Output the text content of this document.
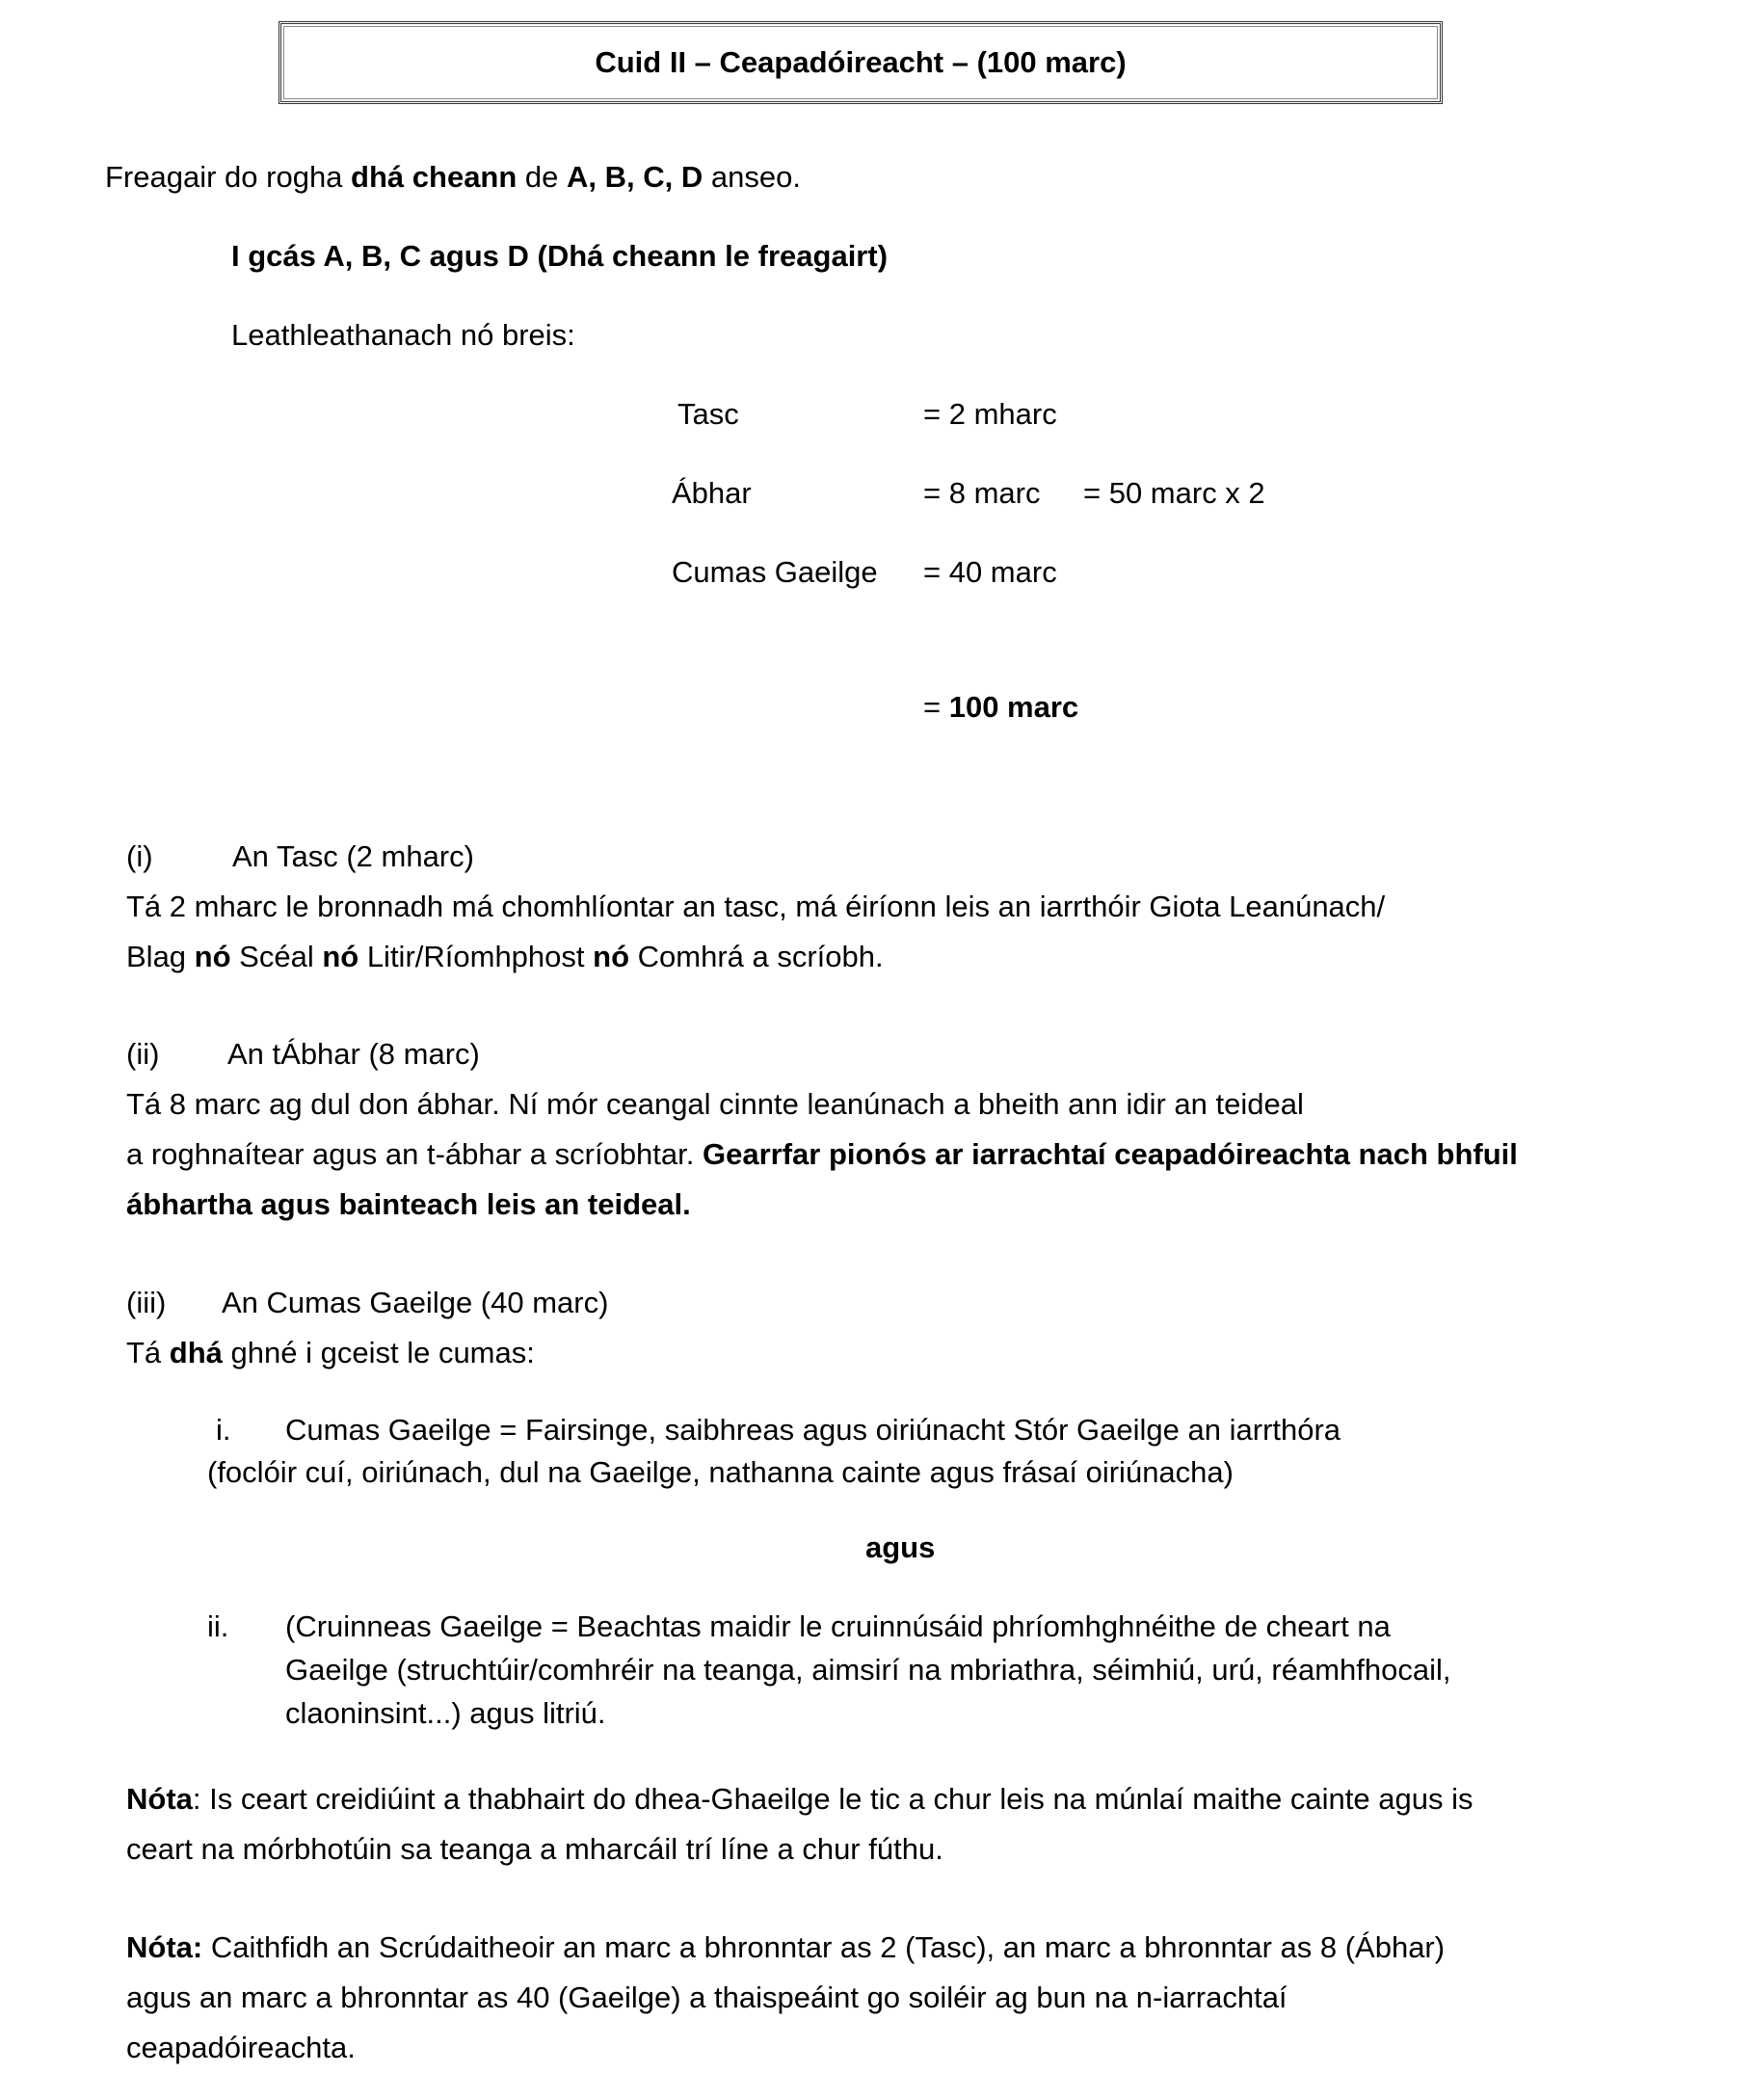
Cuid II – Ceapadóireacht – (100 marc)
Freagair do rogha dhá cheann de A, B, C, D anseo.
I gcás A, B, C agus D (Dhá cheann le freagairt)
Leathleathanach nó breis:
Tasc	= 2 mharc
Ábhar	= 8 marc = 50 marc x 2
Cumas Gaeilge = 40 marc
= 100 marc
(i)	An Tasc (2 mharc)
Tá 2 mharc le bronnadh má chomhlíontar an tasc, má éiríonn leis an iarrthóir Giota Leanúnach/
Blag nó Scéal nó Litir/Ríomhphost nó Comhrá a scríobh.
(ii) An tÁbhar (8 marc)
Tá 8 marc ag dul don ábhar. Ní mór ceangal cinnte leanúnach a bheith ann idir an teideal
a roghnaítear agus an t-ábhar a scríobhtar. Gearrfar pionós ar iarrachtaí ceapadóireachta nach bhfuil
ábhartha agus bainteach leis an teideal.
(iii) An Cumas Gaeilge (40 marc)
Tá dhá ghné i gceist le cumas:
i. Cumas Gaeilge = Fairsinge, saibhreas agus oiriúnacht Stór Gaeilge an iarrthóra
(foclóir cuí, oiriúnach, dul na Gaeilge, nathanna cainte agus frásaí oiriúnacha)
agus
ii. (Cruinneas Gaeilge = Beachtas maidir le cruinnúsáid phríomhghnéithe de cheart na
Gaeilge (struchtúir/comhréir na teanga, aimsirí na mbriathra, séimhiú, urú, réamhfhocail,
claoninsint...) agus litriú.
Nóta: Is ceart creidiúint a thabhairt do dhea-Ghaeilge le tic a chur leis na múnlaí maithe cainte agus is
ceart na mórbhotúin sa teanga a mharcáil trí líne a chur fúthu.
Nóta: Caithfidh an Scrúdaitheoir an marc a bhronntar as 2 (Tasc), an marc a bhronntar as 8 (Ábhar)
agus an marc a bhronntar as 40 (Gaeilge) a thaispeáint go soiléir ag bun na n-iarrachtaí
ceapadóireachta.
